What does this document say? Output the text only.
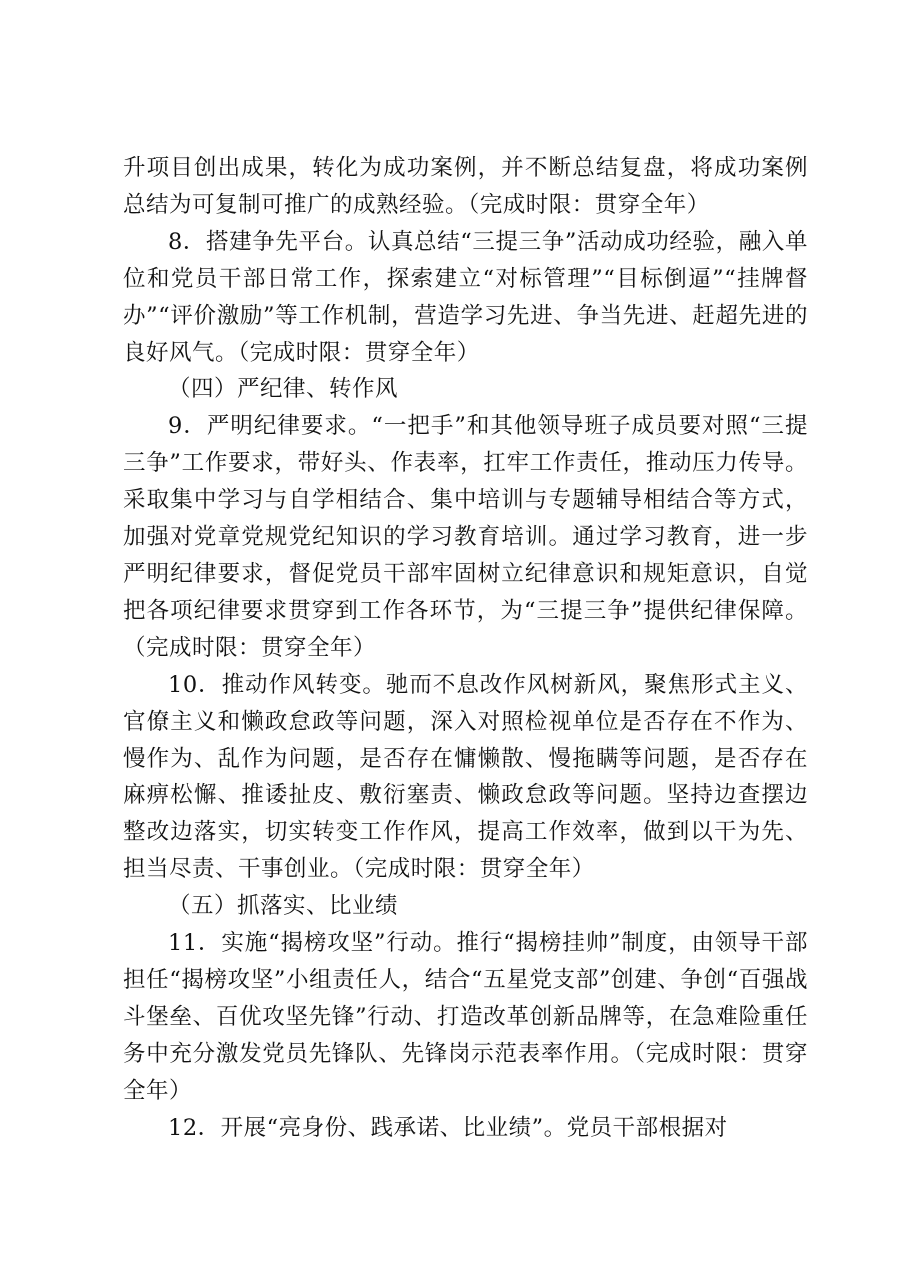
升项目创出成果，转化为成功案例，并不断总结复盘，将成功案例总结为可复制可推广的成熟经验。（完成时限：贯穿全年）

8．搭建争先平台。认真总结“三提三争”活动成功经验，融入单位和党员干部日常工作，探索建立“对标管理”“目标倒逼”“挂牌督办”“评价激励”等工作机制，营造学习先进、争当先进、赶超先进的良好风气。（完成时限：贯穿全年）

（四）严纪律、转作风

9．严明纪律要求。“一把手”和其他领导班子成员要对照“三提三争”工作要求，带好头、作表率，扛牢工作责任，推动压力传导。采取集中学习与自学相结合、集中培训与专题辅导相结合等方式，加强对党章党规党纪知识的学习教育培训。通过学习教育，进一步严明纪律要求，督促党员干部牢固树立纪律意识和规矩意识，自觉把各项纪律要求贯穿到工作各环节，为“三提三争”提供纪律保障。（完成时限：贯穿全年）

10．推动作风转变。驰而不息改作风树新风，聚焦形式主义、官僚主义和懒政怠政等问题，深入对照检视单位是否存在不作为、慢作为、乱作为问题，是否存在慵懒散、慢拖瞒等问题，是否存在麻痹松懈、推诿扯皮、敷衍塞责、懒政怠政等问题。坚持边查摆边整改边落实，切实转变工作作风，提高工作效率，做到以干为先、担当尽责、干事创业。（完成时限：贯穿全年）

（五）抓落实、比业绩

11．实施“揭榜攻坚”行动。推行“揭榜挂帅”制度，由领导干部担任“揭榜攻坚”小组责任人，结合“五星党支部”创建、争创“百强战斗堡垒、百优攻坚先锋”行动、打造改革创新品牌等，在急难险重任务中充分激发党员先锋队、先锋岗示范表率作用。（完成时限：贯穿全年）

12．开展“亮身份、践承诺、比业绩”。党员干部根据对
